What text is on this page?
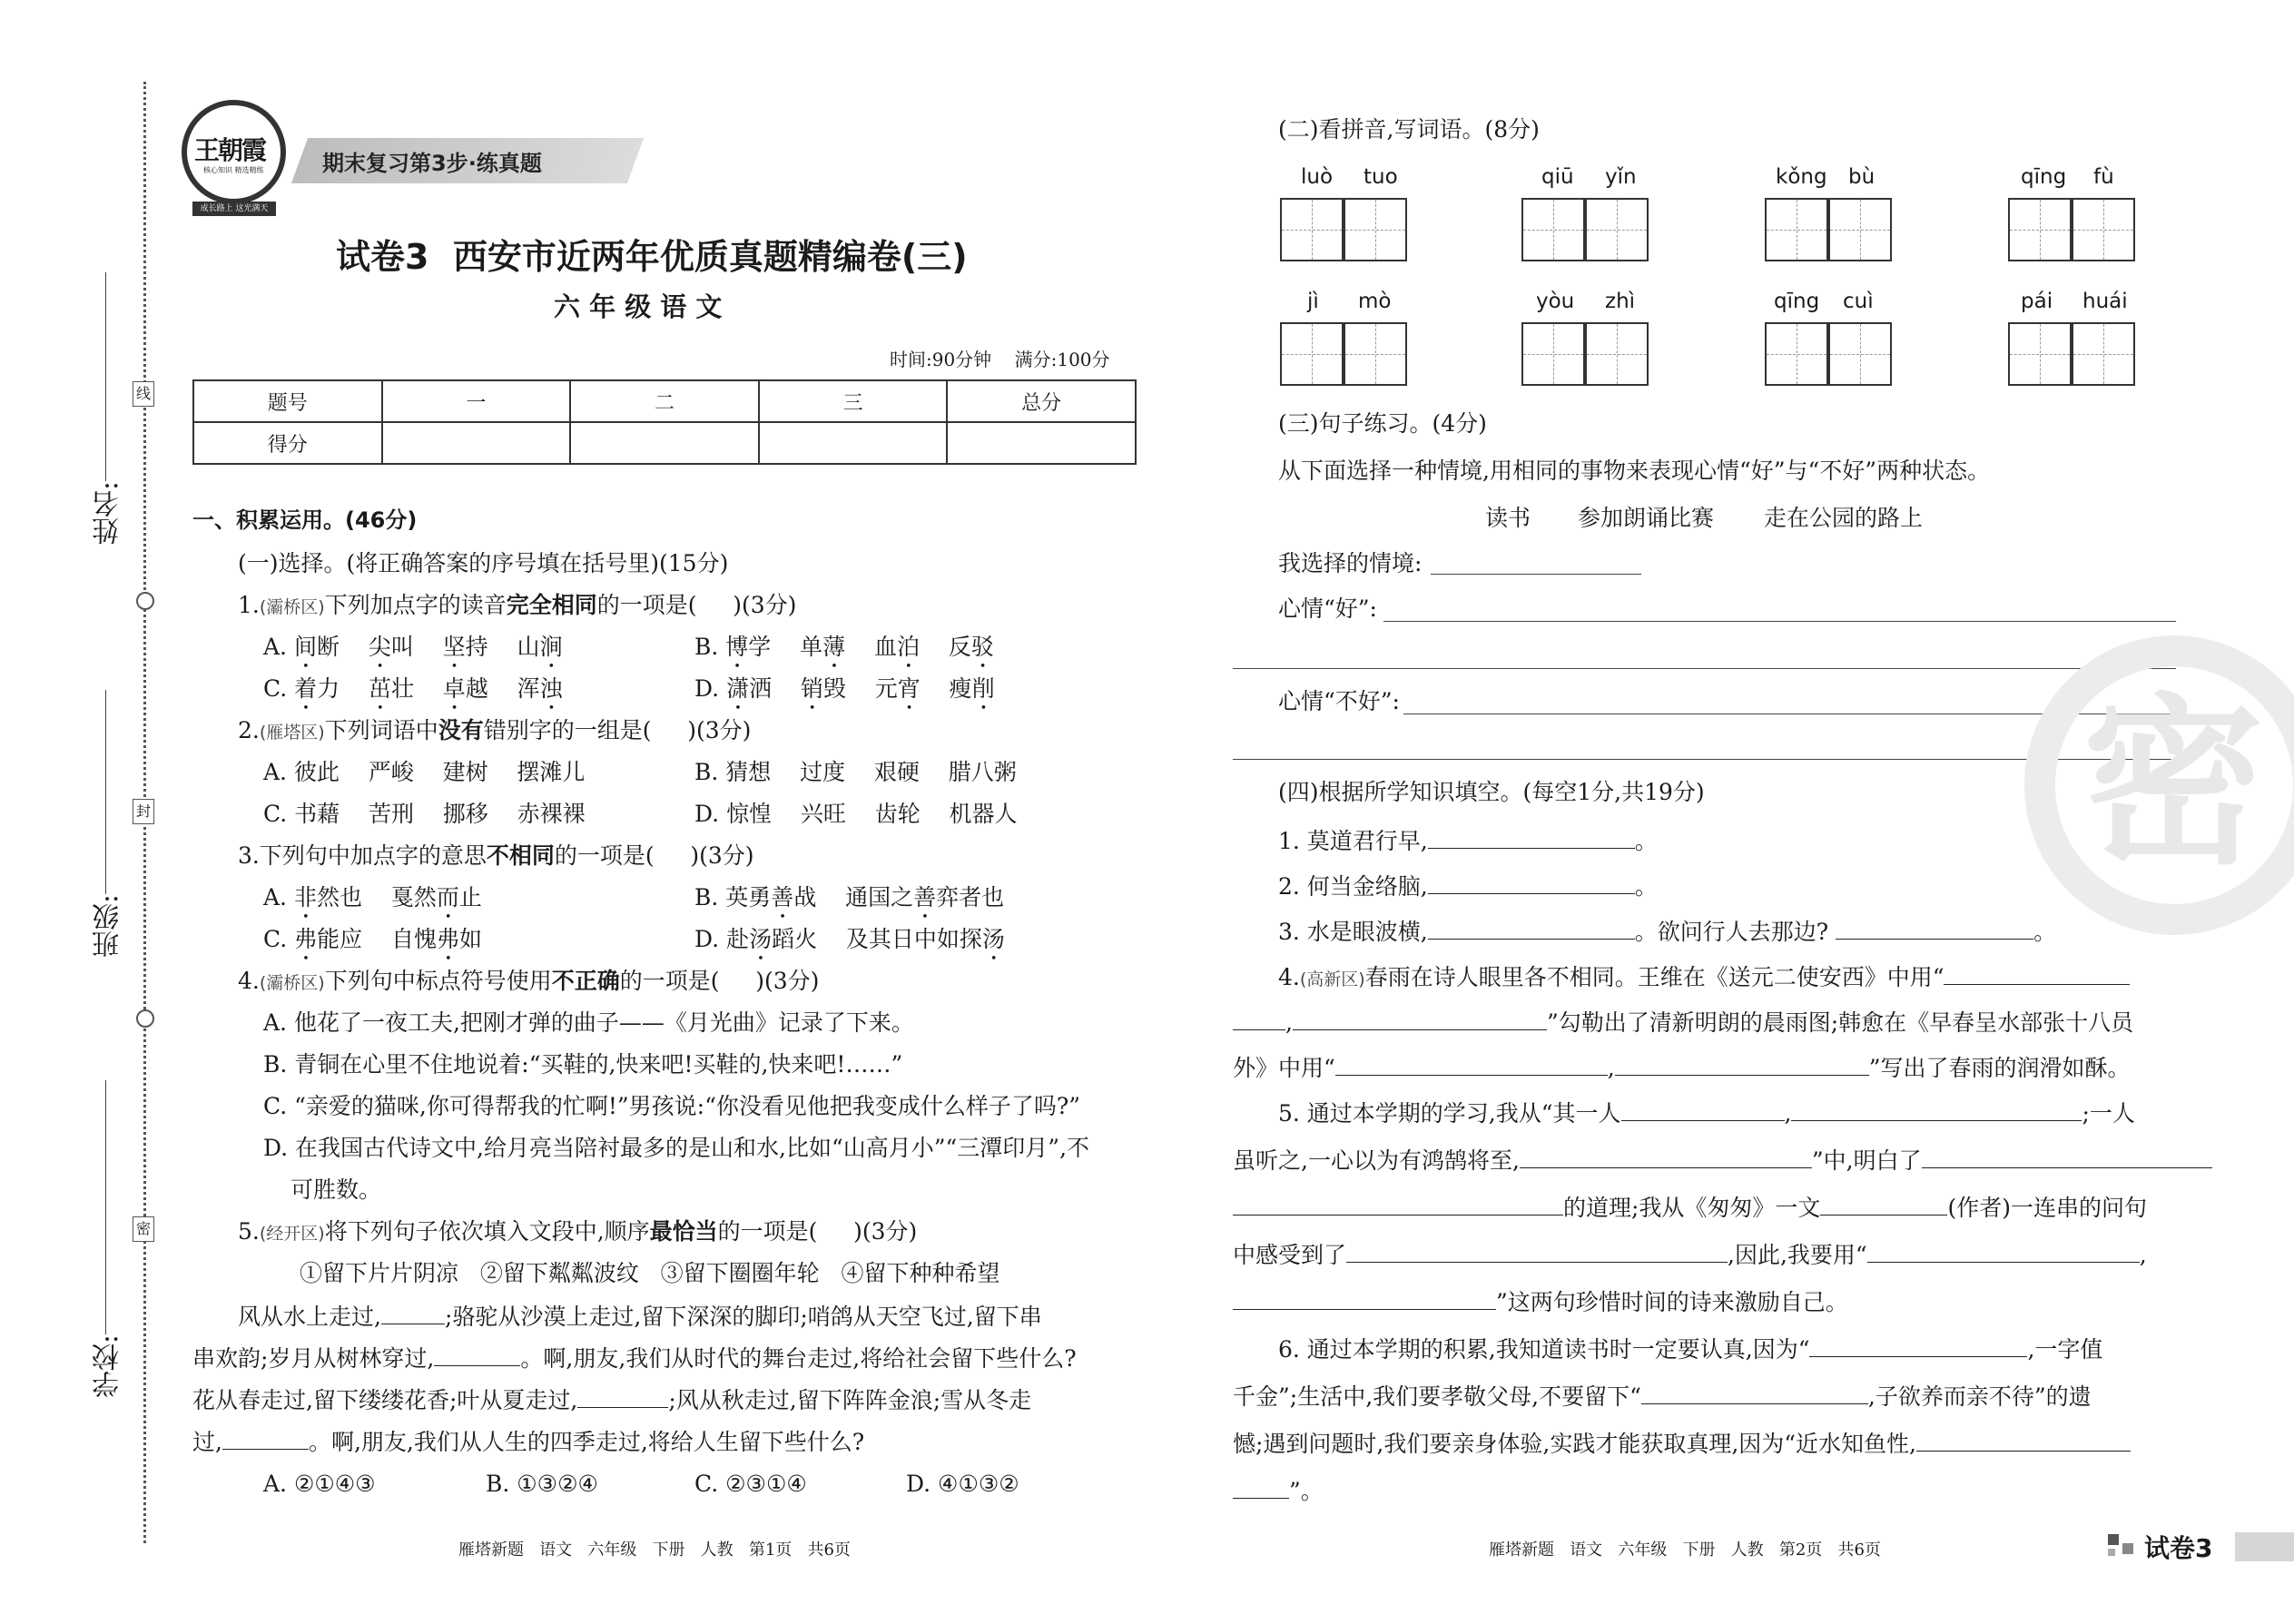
线
封
密
姓名:
班级:
学校:
王朝霞
核心知识 精选精练
成长路上 这光满天
期末复习第3步·练真题
试卷3  西安市近两年优质真题精编卷(三)
六 年 级 语 文
时间:90分钟    满分:100分
题号	一	二	三	总分
得分				
一、积累运用。(46分)
(一)选择。(将正确答案的序号填在括号里)(15分)
1.(灞桥区)下列加点字的读音完全相同的一项是(     )(3分)
A. 间断 尖叫 坚持 山涧	B. 博学 单薄 血泊 反驳
C. 着力 茁壮 卓越 浑浊	D. 潇洒 销毁 元宵 瘦削
2.(雁塔区)下列词语中没有错别字的一组是(     )(3分)
A. 彼此 严峻 建树 摆滩儿	B. 猜想 过度 艰硬 腊八粥
C. 书藉 苦刑 挪移 赤裸裸	D. 惊惶 兴旺 齿轮 机器人
3.下列句中加点字的意思不相同的一项是(     )(3分)
A. 非然也 戛然而止	B. 英勇善战 通国之善弈者也
C. 弗能应 自愧弗如	D. 赴汤蹈火 及其日中如探汤
4.(灞桥区)下列句中标点符号使用不正确的一项是(     )(3分)
A. 他花了一夜工夫,把刚才弹的曲子——《月光曲》记录了下来。
B. 青铜在心里不住地说着:“买鞋的,快来吧!买鞋的,快来吧!……”
C. “亲爱的猫咪,你可得帮我的忙啊!”男孩说:“你没看见他把我变成什么样子了吗?”
D. 在我国古代诗文中,给月亮当陪衬最多的是山和水,比如“山高月小”“三潭印月”,不
可胜数。
5.(经开区)将下列句子依次填入文段中,顺序最恰当的一项是(     )(3分)
①留下片片阴凉   ②留下粼粼波纹   ③留下圈圈年轮   ④留下种种希望
风从水上走过,	;骆驼从沙漠上走过,留下深深的脚印;哨鸽从天空飞过,留下串
串欢韵;岁月从树林穿过,	。啊,朋友,我们从时代的舞台走过,将给社会留下些什么?
花从春走过,留下缕缕花香;叶从夏走过,	;风从秋走过,留下阵阵金浪;雪从冬走
过,	。啊,朋友,我们从人生的四季走过,将给人生留下些什么?
A. ②①④③	B. ①③②④	C. ②③①④	D. ④①③②
雁塔新题   语文   六年级   下册   人教   第1页   共6页
(二)看拼音,写词语。(8分)
luò tuo	qiū yǐn	kǒng bù	qīng fù
jì mò	yòu zhì	qīng cuì	pái huái
(三)句子练习。(4分)
从下面选择一种情境,用相同的事物来表现心情“好”与“不好”两种状态。
读书 参加朗诵比赛 走在公园的路上
我选择的情境:
心情“好”:
心情“不好”:
(四)根据所学知识填空。(每空1分,共19分)
1. 莫道君行早,	。
2. 何当金络脑,	。
3. 水是眼波横,	。欲问行人去那边?	。
4.(高新区)春雨在诗人眼里各不相同。王维在《送元二使安西》中用“
,	”勾勒出了清新明朗的晨雨图;韩愈在《早春呈水部张十八员
外》中用“	,	”写出了春雨的润滑如酥。
5. 通过本学期的学习,我从“其一人	,	;一人
虽听之,一心以为有鸿鹄将至,	”中,明白了
的道理;我从《匆匆》一文	(作者)一连串的问句
中感受到了	,因此,我要用“	,
”这两句珍惜时间的诗来激励自己。
6. 通过本学期的积累,我知道读书时一定要认真,因为“	,一字值
千金”;生活中,我们要孝敬父母,不要留下“	,子欲养而亲不待”的遗
憾;遇到问题时,我们要亲身体验,实践才能获取真理,因为“近水知鱼性,
”。
雁塔新题   语文   六年级   下册   人教   第2页   共6页	试卷3
密
